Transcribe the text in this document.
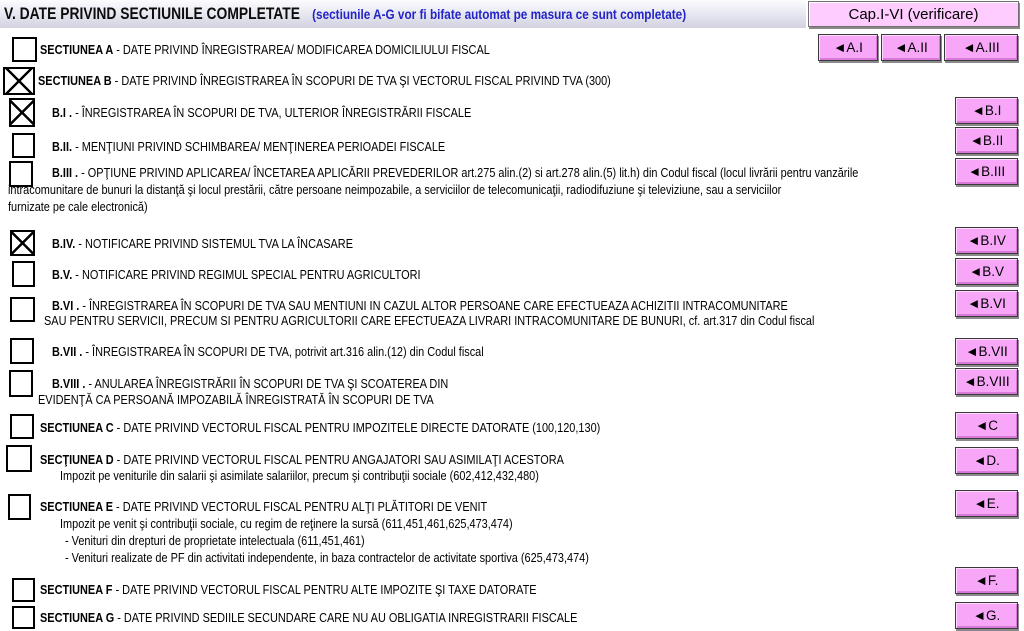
V. DATE PRIVIND SECTIUNILE COMPLETATE (sectiunile A-G vor fi bifate automat pe masura ce sunt completate)	Cap.I-VI (verificare)
◄A.I	◄A.II	◄A.III
SECTIUNEA A - DATE PRIVIND ÎNREGISTRAREA/ MODIFICAREA DOMICILIULUI FISCAL
SECTIUNEA B - DATE PRIVIND ÎNREGISTRAREA ÎN SCOPURI DE TVA ŞI VECTORUL FISCAL PRIVIND TVA (300)
B.I . - ÎNREGISTRAREA ÎN SCOPURI DE TVA, ULTERIOR ÎNREGISTRĂRII FISCALE	◄B.I
B.II. - MENŢIUNI PRIVIND SCHIMBAREA/ MENŢINEREA PERIOADEI FISCALE	◄B.II
B.III . - OPŢIUNE PRIVIND APLICAREA/ ÎNCETAREA APLICĂRII PREVEDERILOR art.275 alin.(2) si art.278 alin.(5) lit.h) din Codul fiscal (locul livrării pentru vanzările
intracomunitare de bunuri la distanţă şi locul prestării, către persoane neimpozabile, a serviciilor de telecomunicaţii, radiodifuziune şi televiziune, sau a serviciilor
furnizate pe cale electronică)
◄B.III
B.IV. - NOTIFICARE PRIVIND SISTEMUL TVA LA ÎNCASARE	◄B.IV
B.V. - NOTIFICARE PRIVIND REGIMUL SPECIAL PENTRU AGRICULTORI	◄B.V
B.VI . - ÎNREGISTRAREA ÎN SCOPURI DE TVA SAU MENTIUNI IN CAZUL ALTOR PERSOANE CARE EFECTUEAZA ACHIZITII INTRACOMUNITARE
SAU PENTRU SERVICII, PRECUM SI PENTRU AGRICULTORII CARE EFECTUEAZA LIVRARI INTRACOMUNITARE DE BUNURI, cf. art.317 din Codul fiscal
◄B.VI
B.VII . - ÎNREGISTRAREA ÎN SCOPURI DE TVA, potrivit art.316 alin.(12) din Codul fiscal	◄B.VII
B.VIII . - ANULAREA ÎNREGISTRĂRII ÎN SCOPURI DE TVA ŞI SCOATEREA DIN
EVIDENŢĂ CA PERSOANĂ IMPOZABILĂ ÎNREGISTRATĂ ÎN SCOPURI DE TVA
◄B.VIII
SECTIUNEA C - DATE PRIVIND VECTORUL FISCAL PENTRU IMPOZITELE DIRECTE DATORATE (100,120,130)	◄C
SECŢIUNEA D - DATE PRIVIND VECTORUL FISCAL PENTRU ANGAJATORI SAU ASIMILAŢI ACESTORA
Impozit pe veniturile din salarii şi asimilate salariilor, precum şi contribuţii sociale (602,412,432,480)
◄D.
SECTIUNEA E - DATE PRIVIND VECTORUL FISCAL PENTRU ALŢI PLĂTITORI DE VENIT
Impozit pe venit şi contribuţii sociale, cu regim de reţinere la sursă (611,451,461,625,473,474)
- Venituri din drepturi de proprietate intelectuala (611,451,461)
- Venituri realizate de PF din activitati independente, in baza contractelor de activitate sportiva (625,473,474)
◄E.
SECTIUNEA F - DATE PRIVIND VECTORUL FISCAL PENTRU ALTE IMPOZITE ŞI TAXE DATORATE
◄F.
SECTIUNEA G - DATE PRIVIND SEDIILE SECUNDARE CARE NU AU OBLIGATIA INREGISTRARII FISCALE	◄G.
